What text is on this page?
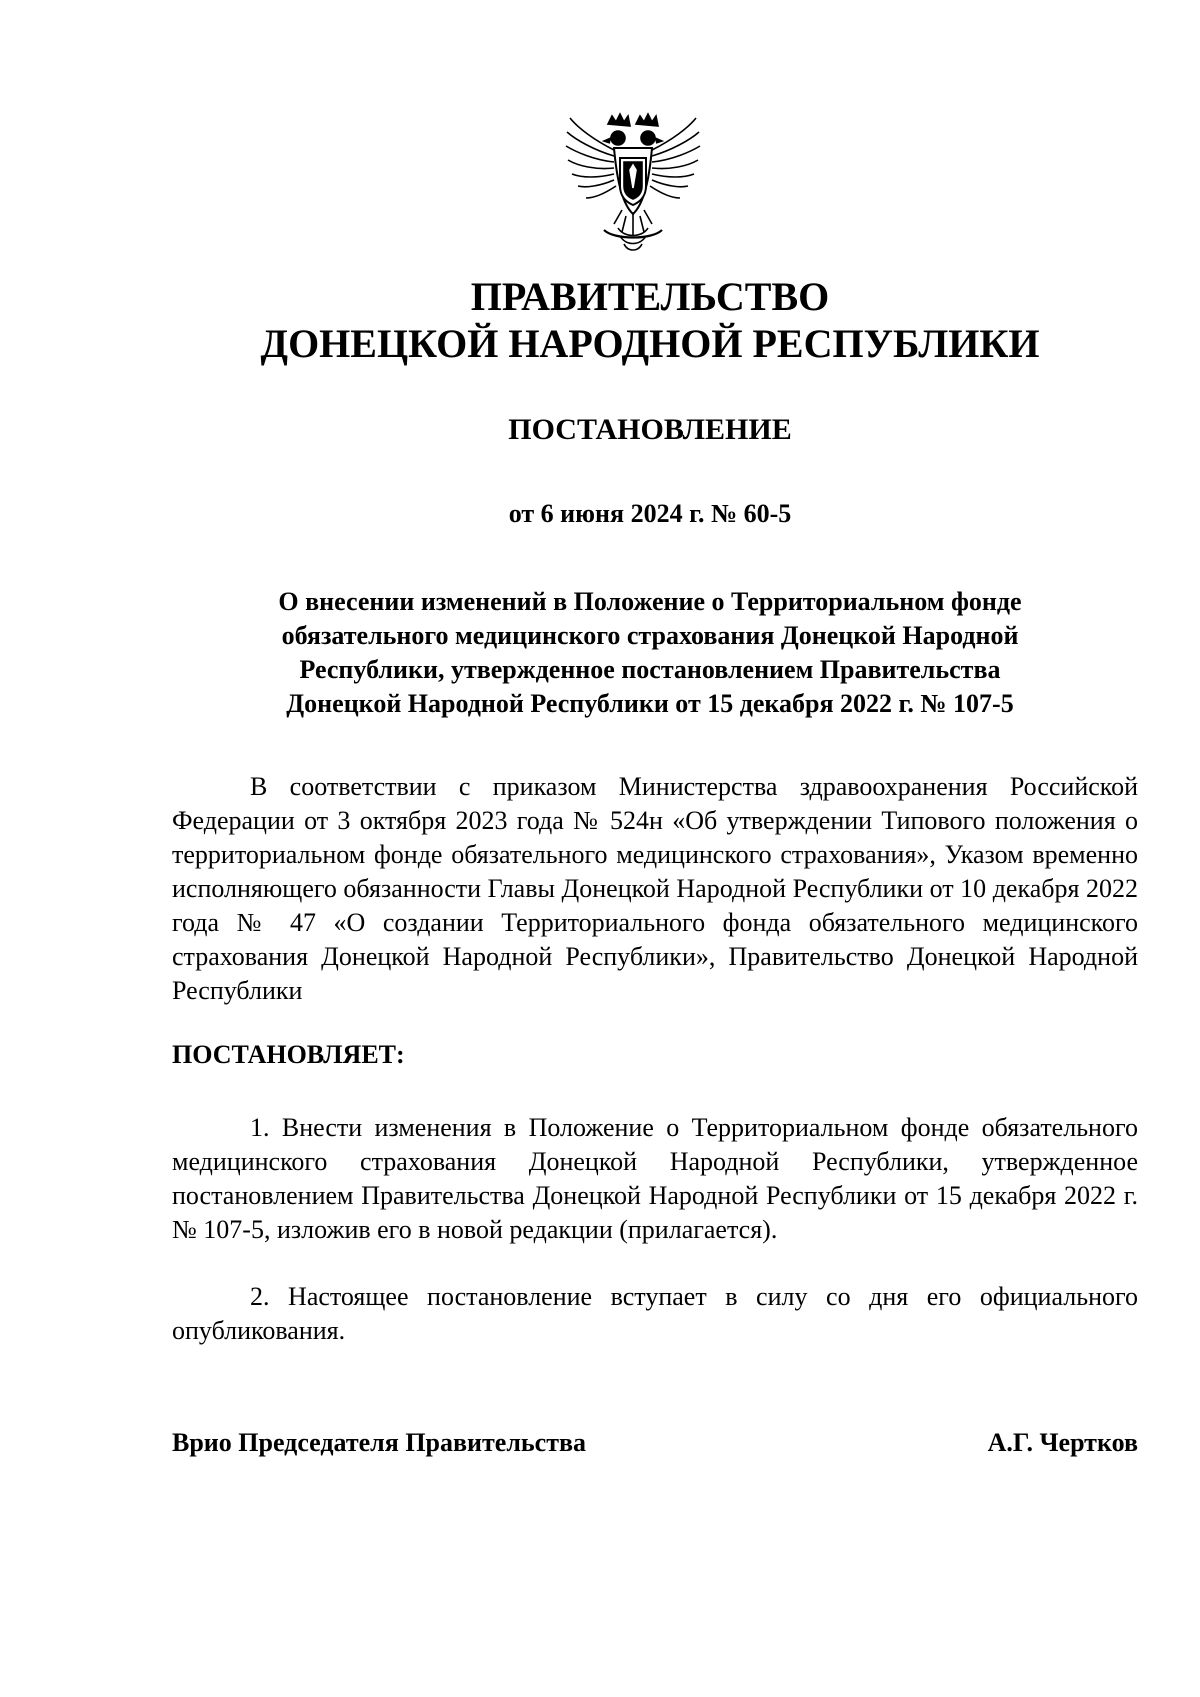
ПРАВИТЕЛЬСТВО
ДОНЕЦКОЙ НАРОДНОЙ РЕСПУБЛИКИ
ПОСТАНОВЛЕНИЕ
от 6 июня 2024 г. № 60-5
О внесении изменений в Положение о Территориальном фонде
обязательного медицинского страхования Донецкой Народной
Республики, утвержденное постановлением Правительства
Донецкой Народной Республики от 15 декабря 2022 г. № 107-5

В соответствии с приказом Министерства здравоохранения Российской Федерации от 3 октября 2023 года № 524н «Об утверждении Типового положения о территориальном фонде обязательного медицинского страхования», Указом временно исполняющего обязанности Главы Донецкой Народной Республики от 10 декабря 2022 года № 47 «О создании Территориального фонда обязательного медицинского страхования Донецкой Народной Республики», Правительство Донецкой Народной Республики

ПОСТАНОВЛЯЕТ:

1. Внести изменения в Положение о Территориальном фонде обязательного медицинского страхования Донецкой Народной Республики, утвержденное постановлением Правительства Донецкой Народной Республики от 15 декабря 2022 г. № 107-5, изложив его в новой редакции (прилагается).

2. Настоящее постановление вступает в силу со дня его официального опубликования.

Врио Председателя Правительства	А.Г. Чертков
